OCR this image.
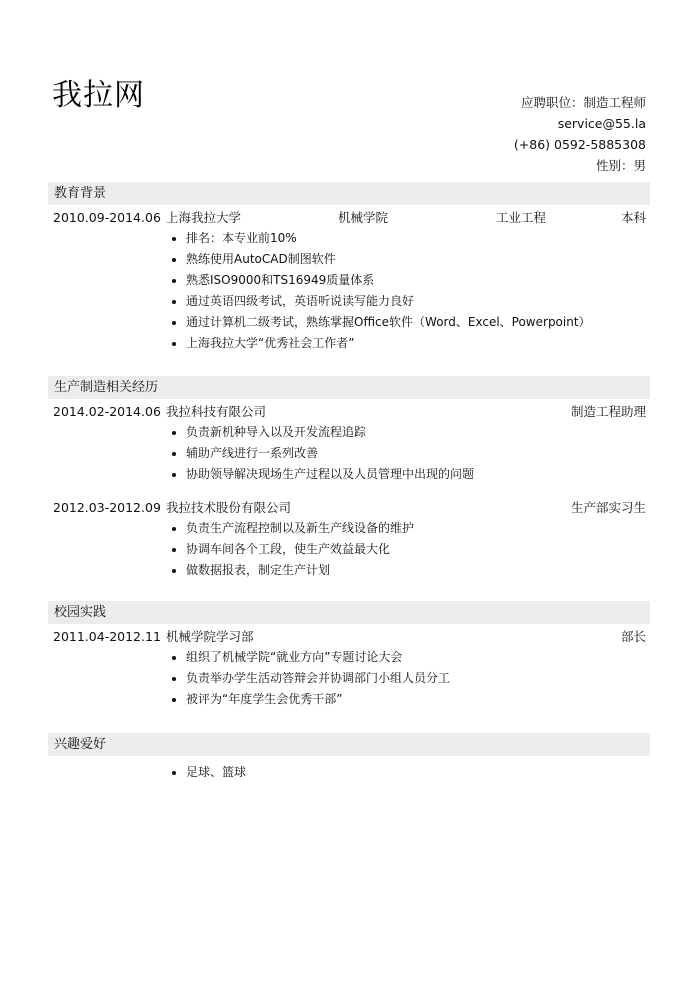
我拉网	应聘职位：制造工程师
service@55.la
(+86) 0592-5885308
性别：男
教育背景
2010.09-2014.06 上海我拉大学	机械学院	工业工程	本科
排名：本专业前10%
熟练使用AutoCAD制图软件
熟悉ISO9000和TS16949质量体系
通过英语四级考试，英语听说读写能力良好
通过计算机二级考试，熟练掌握Office软件（Word、Excel、Powerpoint）
上海我拉大学“优秀社会工作者”
生产制造相关经历
2014.02-2014.06 我拉科技有限公司	制造工程助理
负责新机种导入以及开发流程追踪
辅助产线进行一系列改善
协助领导解决现场生产过程以及人员管理中出现的问题
2012.03-2012.09 我拉技术股份有限公司	生产部实习生
负责生产流程控制以及新生产线设备的维护
协调车间各个工段，使生产效益最大化
做数据报表，制定生产计划
校园实践
2011.04-2012.11 机械学院学习部	部长
组织了机械学院“就业方向”专题讨论大会
负责举办学生活动答辩会并协调部门小组人员分工
被评为“年度学生会优秀干部”
兴趣爱好
足球、篮球
